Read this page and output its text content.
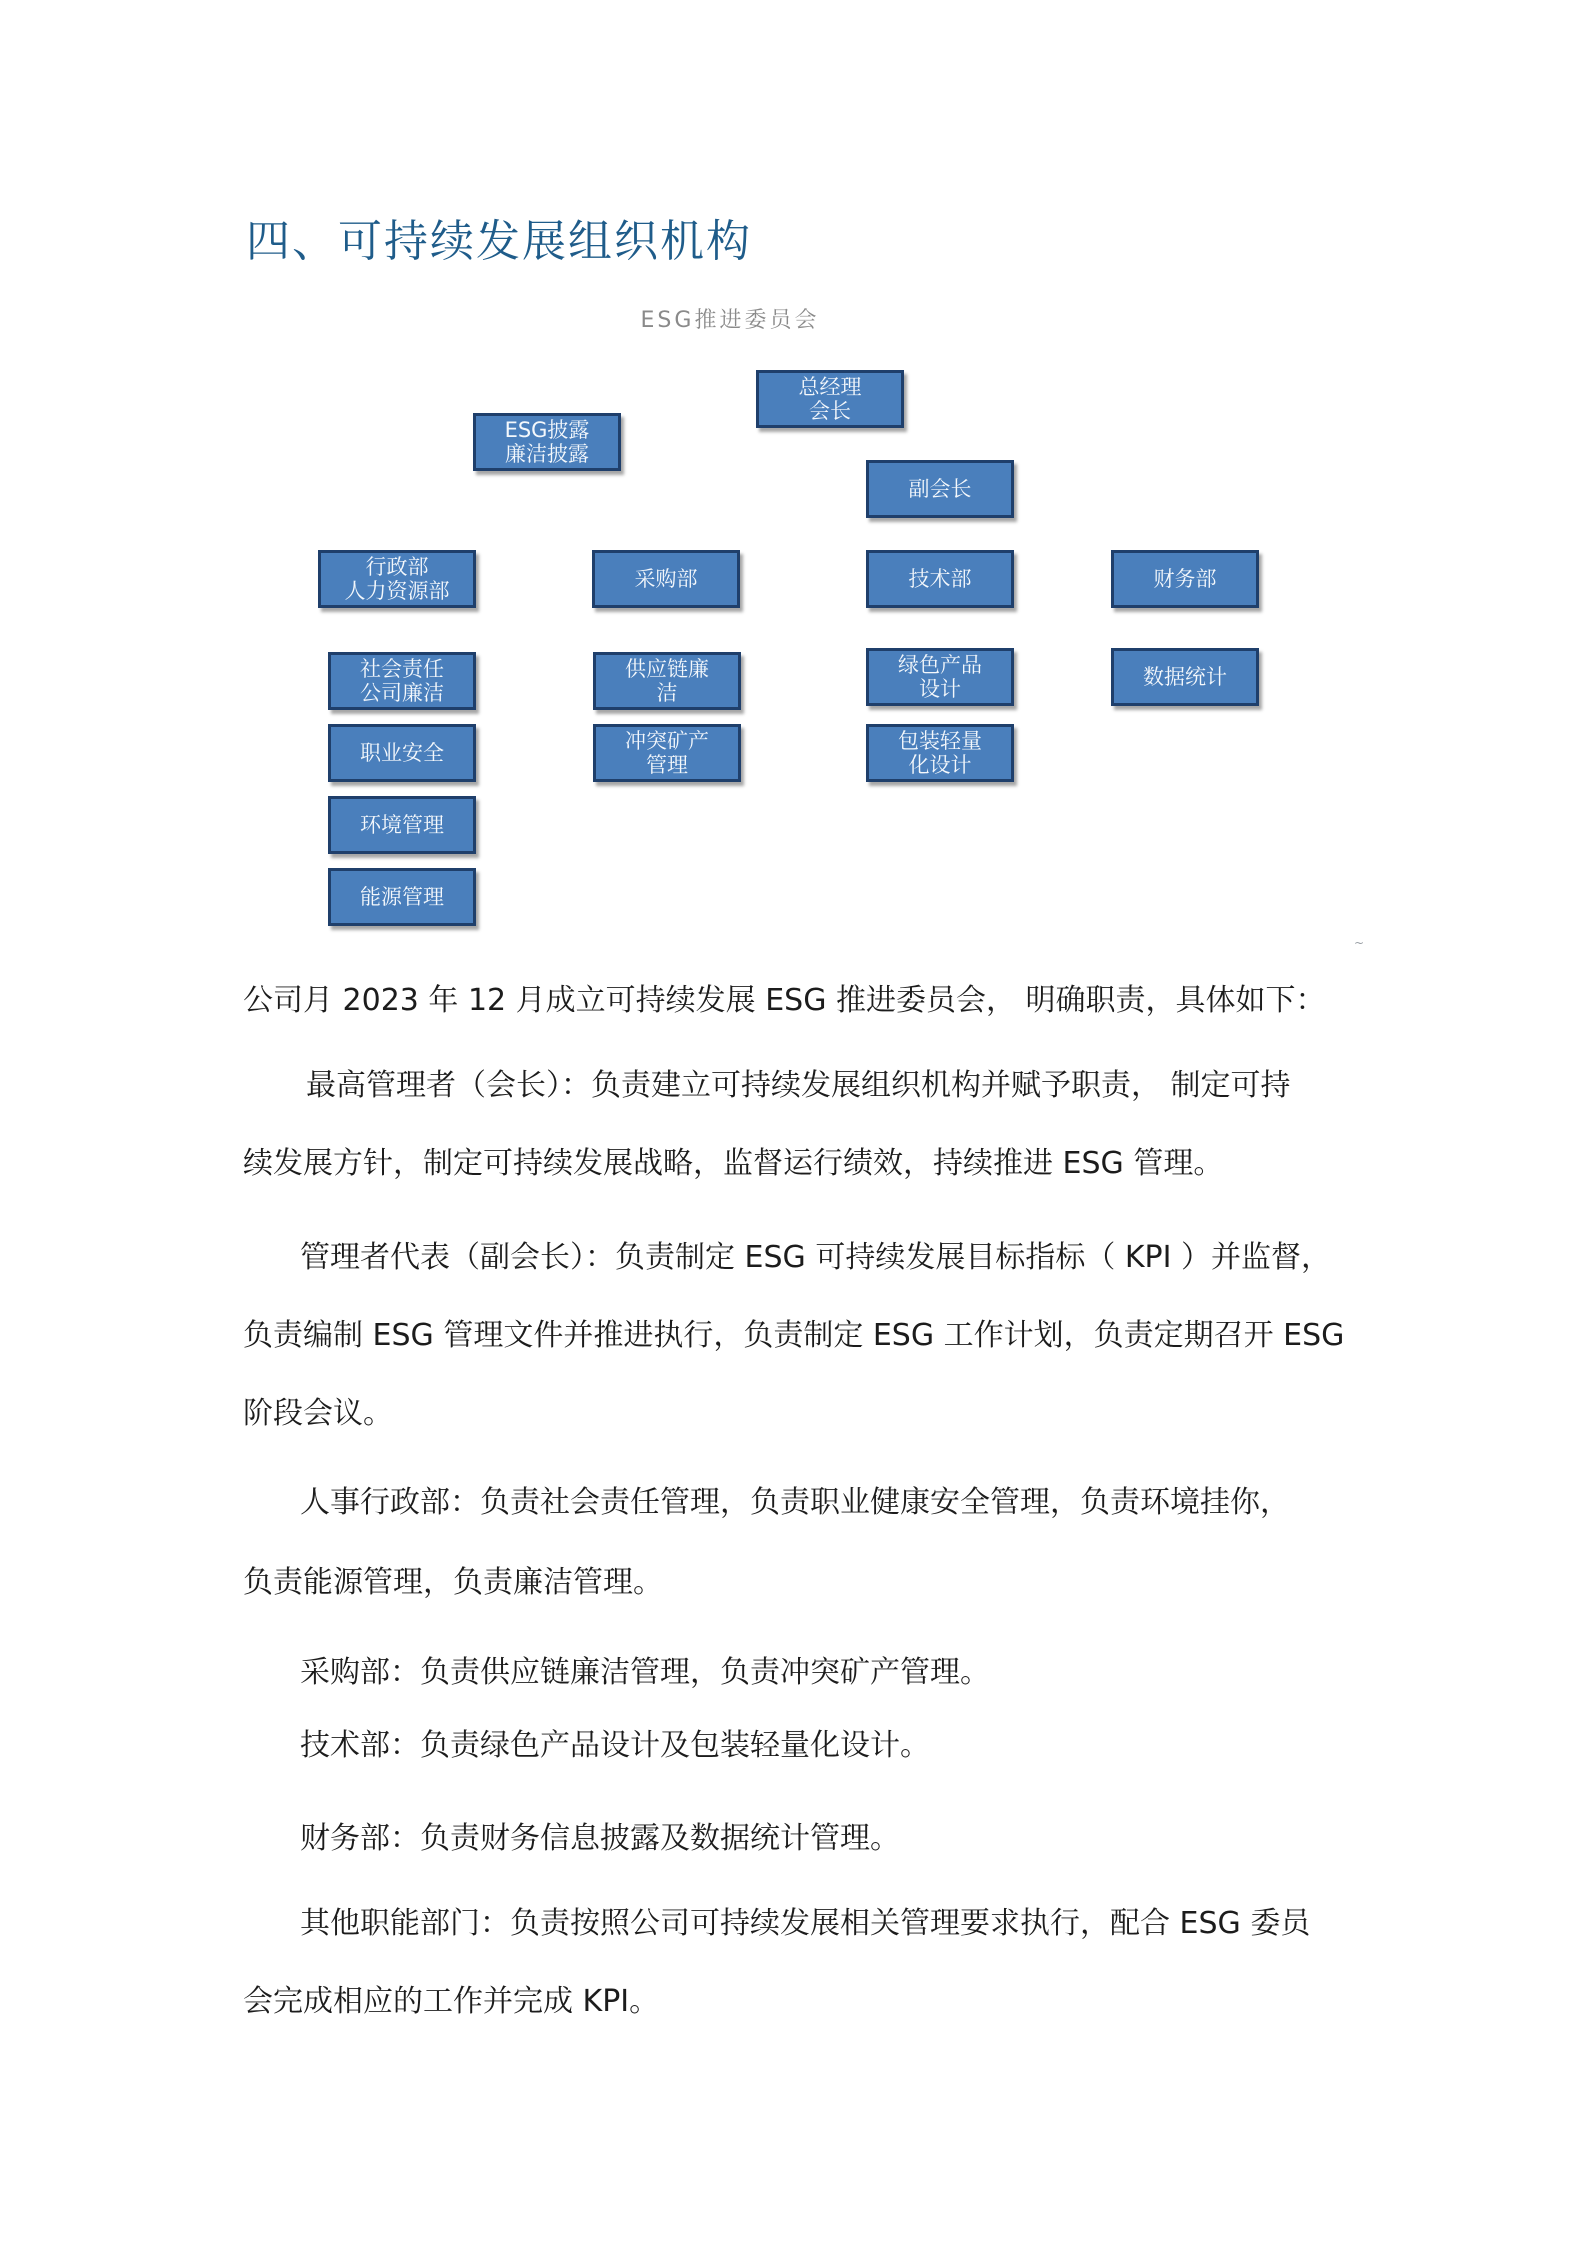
四、可持续发展组织机构
ESG推进委员会
总经理
会长
ESG披露
廉洁披露
副会长
行政部
人力资源部	采购部	技术部	财务部
社会责任
公司廉洁
供应链廉
洁
绿色产品
设计	数据统计
职业安全	冲突矿产
管理
包装轻量
化设计
环境管理
能源管理
~

公司月 2023 年 12 月成立可持续发展 ESG 推进委员会， 明确职责，具体如下：

最高管理者（会长）：负责建立可持续发展组织机构并赋予职责， 制定可持

续发展方针，制定可持续发展战略，监督运行绩效，持续推进 ESG 管理。

管理者代表（副会长）：负责制定 ESG 可持续发展目标指标（ KPI ）并监督，

负责编制 ESG 管理文件并推进执行，负责制定 ESG 工作计划，负责定期召开 ESG

阶段会议。

人事行政部：负责社会责任管理，负责职业健康安全管理，负责环境挂你，

负责能源管理，负责廉洁管理。

采购部：负责供应链廉洁管理，负责冲突矿产管理。

技术部：负责绿色产品设计及包装轻量化设计。

财务部：负责财务信息披露及数据统计管理。

其他职能部门：负责按照公司可持续发展相关管理要求执行，配合 ESG 委员

会完成相应的工作并完成 KPI。
